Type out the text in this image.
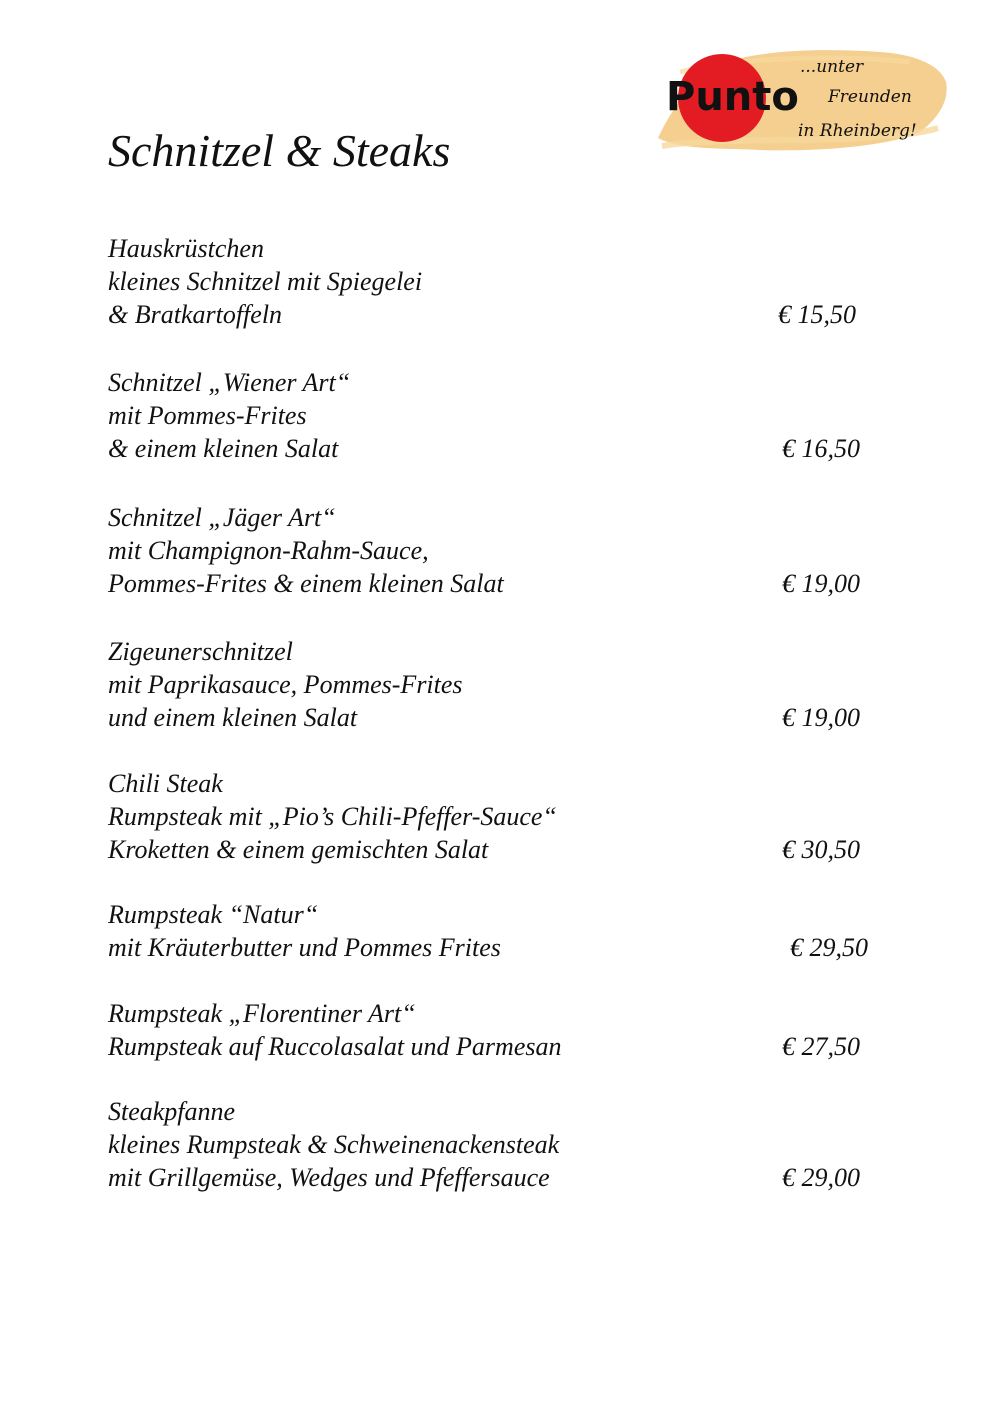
Punto
...unter
Freunden
in Rheinberg!
Schnitzel & Steaks
Hauskrüstchen
kleines Schnitzel mit Spiegelei
& Bratkartoffeln	€ 15,50
Schnitzel „Wiener Art“
mit Pommes-Frites
& einem kleinen Salat	€ 16,50
Schnitzel „Jäger Art“
mit Champignon-Rahm-Sauce,
Pommes-Frites & einem kleinen Salat	€ 19,00
Zigeunerschnitzel
mit Paprikasauce, Pommes-Frites
und einem kleinen Salat	€ 19,00
Chili Steak
Rumpsteak mit „Pio’s Chili-Pfeffer-Sauce“
Kroketten & einem gemischten Salat	€ 30,50
Rumpsteak “Natur“
mit Kräuterbutter und Pommes Frites	€ 29,50
Rumpsteak „Florentiner Art“
Rumpsteak auf Ruccolasalat und Parmesan	€ 27,50
Steakpfanne
kleines Rumpsteak & Schweinenackensteak
mit Grillgemüse, Wedges und Pfeffersauce	€ 29,00
